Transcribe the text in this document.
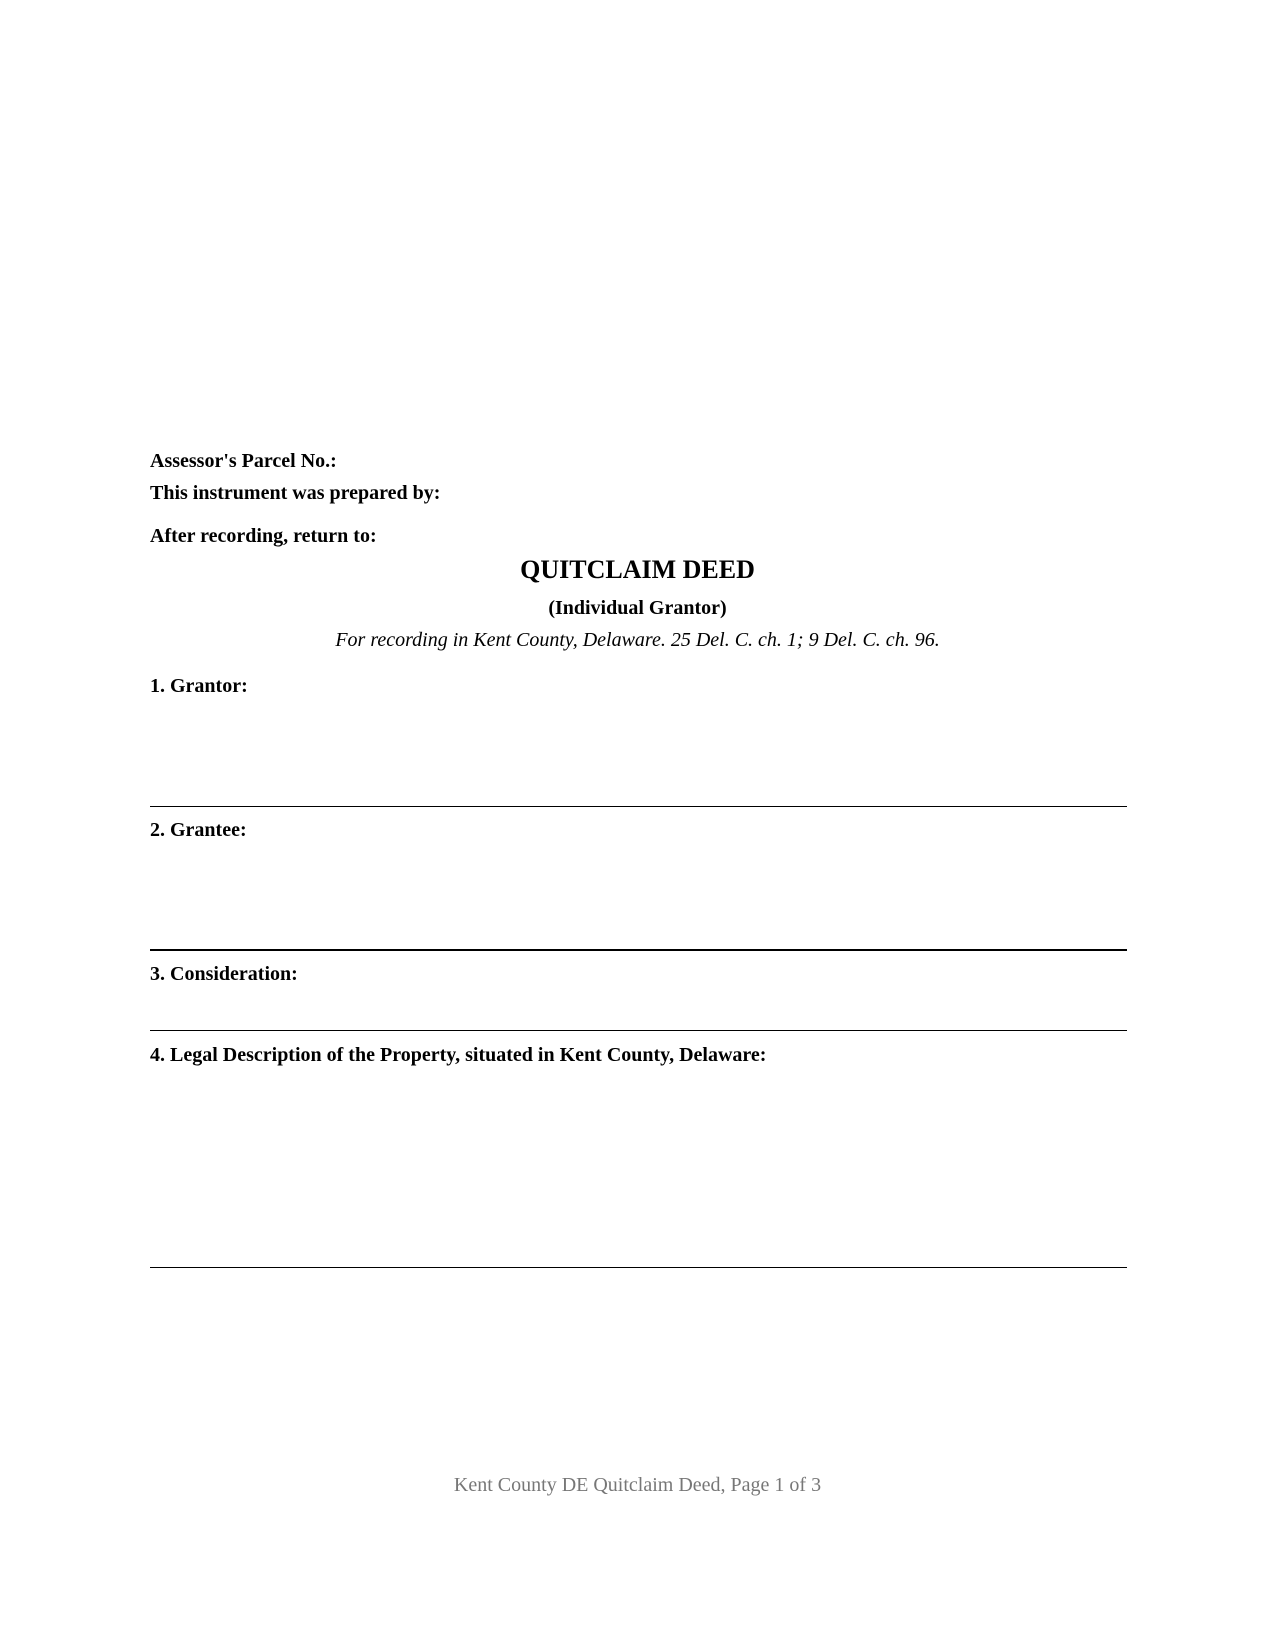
Assessor's Parcel No.:
This instrument was prepared by:
After recording, return to:
QUITCLAIM DEED
(Individual Grantor)
For recording in Kent County, Delaware. 25 Del. C. ch. 1; 9 Del. C. ch. 96.
1. Grantor:
2. Grantee:
3. Consideration:
4. Legal Description of the Property, situated in Kent County, Delaware:
Kent County DE Quitclaim Deed, Page 1 of 3
